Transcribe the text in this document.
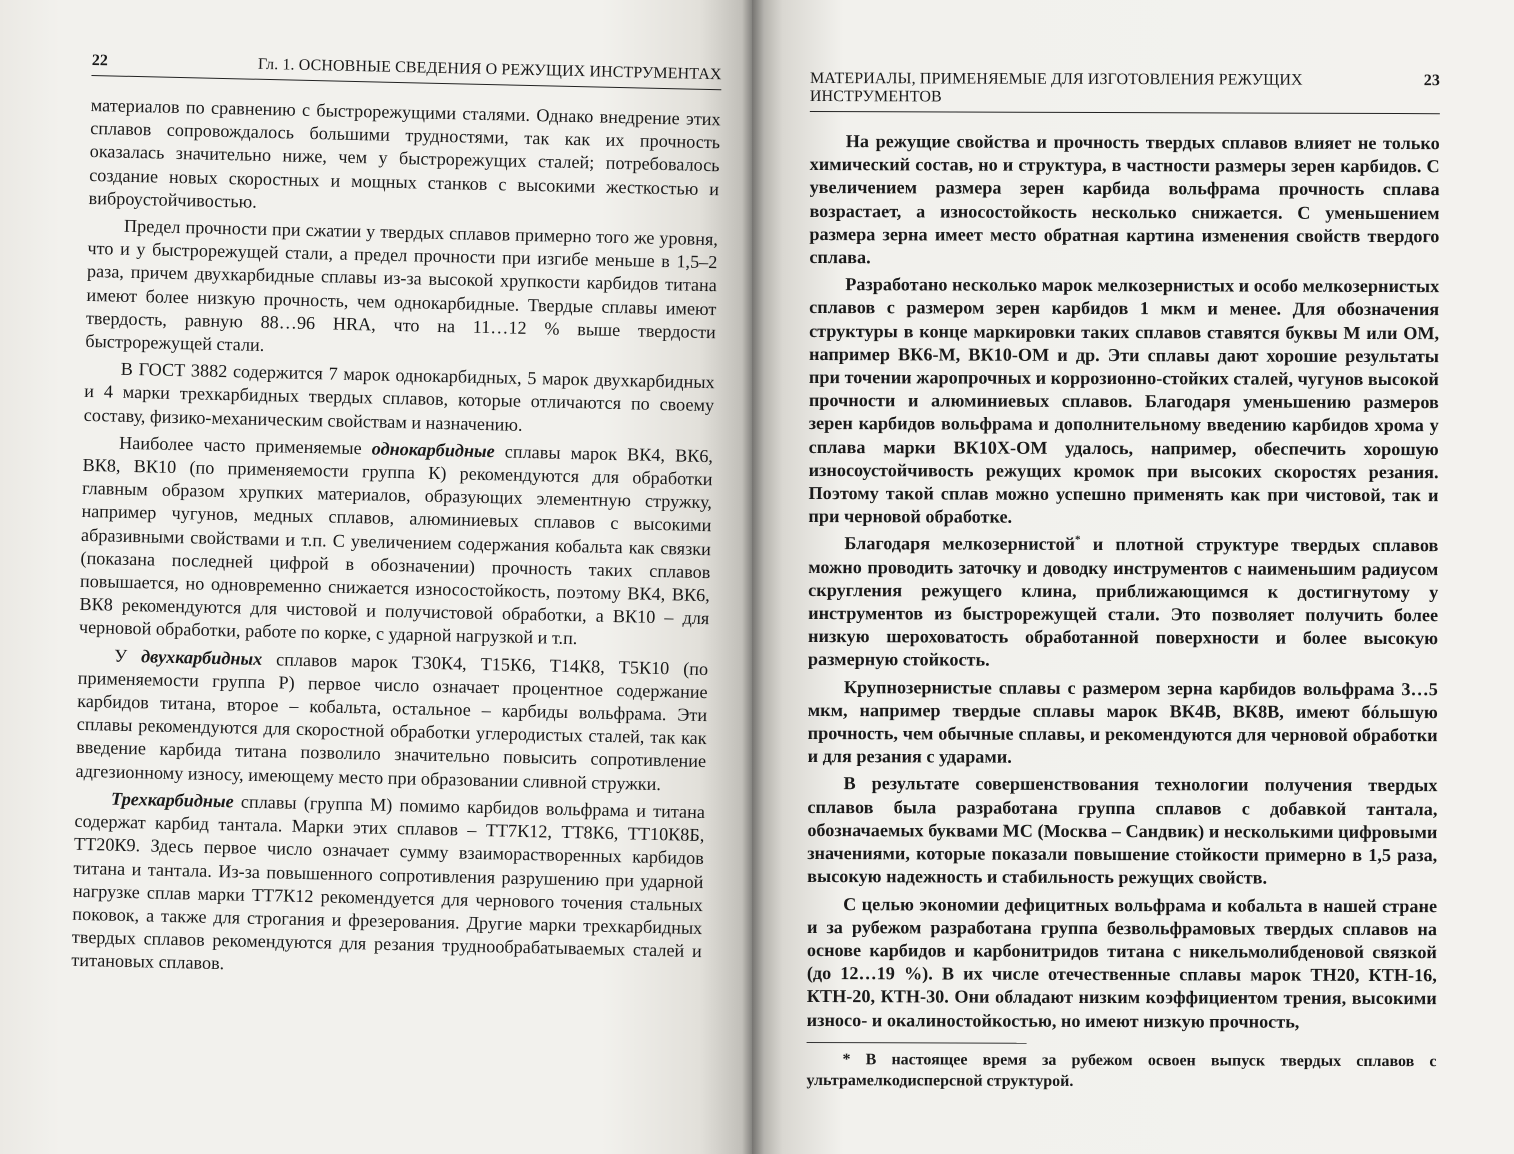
22	Гл. 1. ОСНОВНЫЕ СВЕДЕНИЯ О РЕЖУЩИХ ИНСТРУМЕНТАХ

материалов по сравнению с быстрорежущими сталями. Однако внедрение этих сплавов сопровождалось большими трудностями, так как их прочность оказалась значительно ниже, чем у быстрорежущих сталей; потребовалось создание новых скоростных и мощных станков с высокими жесткостью и виброустойчивостью.

Предел прочности при сжатии у твердых сплавов примерно того же уровня, что и у быстрорежущей стали, а предел прочности при изгибе меньше в 1,5–2 раза, причем двухкарбидные сплавы из-за высокой хрупкости карбидов титана имеют более низкую прочность, чем однокарбидные. Твердые сплавы имеют твердость, равную 88…96 HRA, что на 11…12 % выше твердости быстрорежущей стали.

В ГОСТ 3882 содержится 7 марок однокарбидных, 5 марок двухкарбидных и 4 марки трехкарбидных твердых сплавов, которые отличаются по своему составу, физико-механическим свойствам и назначению.

Наиболее часто применяемые однокарбидные сплавы марок ВК4, ВК6, ВК8, ВК10 (по применяемости группа К) рекомендуются для обработки главным образом хрупких материалов, образующих элементную стружку, например чугунов, медных сплавов, алюминиевых сплавов с высокими абразивными свойствами и т.п. С увеличением содержания кобальта как связки (показана последней цифрой в обозначении) прочность таких сплавов повышается, но одновременно снижается износостойкость, поэтому ВК4, ВК6, ВК8 рекомендуются для чистовой и получистовой обработки, а ВК10 – для черновой обработки, работе по корке, с ударной нагрузкой и т.п.

У двухкарбидных сплавов марок Т30К4, Т15К6, Т14К8, Т5К10 (по применяемости группа Р) первое число означает процентное содержание карбидов титана, второе – кобальта, остальное – карбиды вольфрама. Эти сплавы рекомендуются для скоростной обработки углеродистых сталей, так как введение карбида титана позволило значительно повысить сопротивление адгезионному износу, имеющему место при образовании сливной стружки.

Трехкарбидные сплавы (группа М) помимо карбидов вольфрама и титана содержат карбид тантала. Марки этих сплавов – ТТ7К12, ТТ8К6, ТТ10К8Б, ТТ20К9. Здесь первое число означает сумму взаиморастворенных карбидов титана и тантала. Из-за повышенного сопротивления разрушению при ударной нагрузке сплав марки ТТ7К12 рекомендуется для чернового точения стальных поковок, а также для строгания и фрезерования. Другие марки трехкарбидных твердых сплавов рекомендуются для резания труднообрабатываемых сталей и титановых сплавов.

МАТЕРИАЛЫ, ПРИМЕНЯЕМЫЕ ДЛЯ ИЗГОТОВЛЕНИЯ РЕЖУЩИХ ИНСТРУМЕНТОВ
23

На режущие свойства и прочность твердых сплавов влияет не только химический состав, но и структура, в частности размеры зерен карбидов. С увеличением размера зерен карбида вольфрама прочность сплава возрастает, а износостойкость несколько снижается. С уменьшением размера зерна имеет место обратная картина изменения свойств твердого сплава.

Разработано несколько марок мелкозернистых и особо мелкозернистых сплавов с размером зерен карбидов 1 мкм и менее. Для обозначения структуры в конце маркировки таких сплавов ставятся буквы М или ОМ, например ВК6-М, ВК10-ОМ и др. Эти сплавы дают хорошие результаты при точении жаропрочных и коррозионно-стойких сталей, чугунов высокой прочности и алюминиевых сплавов. Благодаря уменьшению размеров зерен карбидов вольфрама и дополнительному введению карбидов хрома у сплава марки ВК10Х-ОМ удалось, например, обеспечить хорошую износоустойчивость режущих кромок при высоких скоростях резания. Поэтому такой сплав можно успешно применять как при чистовой, так и при черновой обработке.

Благодаря мелкозернистой* и плотной структуре твердых сплавов можно проводить заточку и доводку инструментов с наименьшим радиусом скругления режущего клина, приближающимся к достигнутому у инструментов из быстрорежущей стали. Это позволяет получить более низкую шероховатость обработанной поверхности и более высокую размерную стойкость.

Крупнозернистые сплавы с размером зерна карбидов вольфрама 3…5 мкм, например твердые сплавы марок ВК4В, ВК8В, имеют бóльшую прочность, чем обычные сплавы, и рекомендуются для черновой обработки и для резания с ударами.

В результате совершенствования технологии получения твердых сплавов была разработана группа сплавов с добавкой тантала, обозначаемых буквами МС (Москва – Сандвик) и несколькими цифровыми значениями, которые показали повышение стойкости примерно в 1,5 раза, высокую надежность и стабильность режущих свойств.

С целью экономии дефицитных вольфрама и кобальта в нашей стране и за рубежом разработана группа безвольфрамовых твердых сплавов на основе карбидов и карбонитридов титана с никельмолибденовой связкой (до 12…19 %). В их числе отечественные сплавы марок ТН20, КТН-16, КТН-20, КТН-30. Они обладают низким коэффициентом трения, высокими износо- и окалиностойкостью, но имеют низкую прочность,

* В настоящее время за рубежом освоен выпуск твердых сплавов с ультрамелкодисперсной структурой.
